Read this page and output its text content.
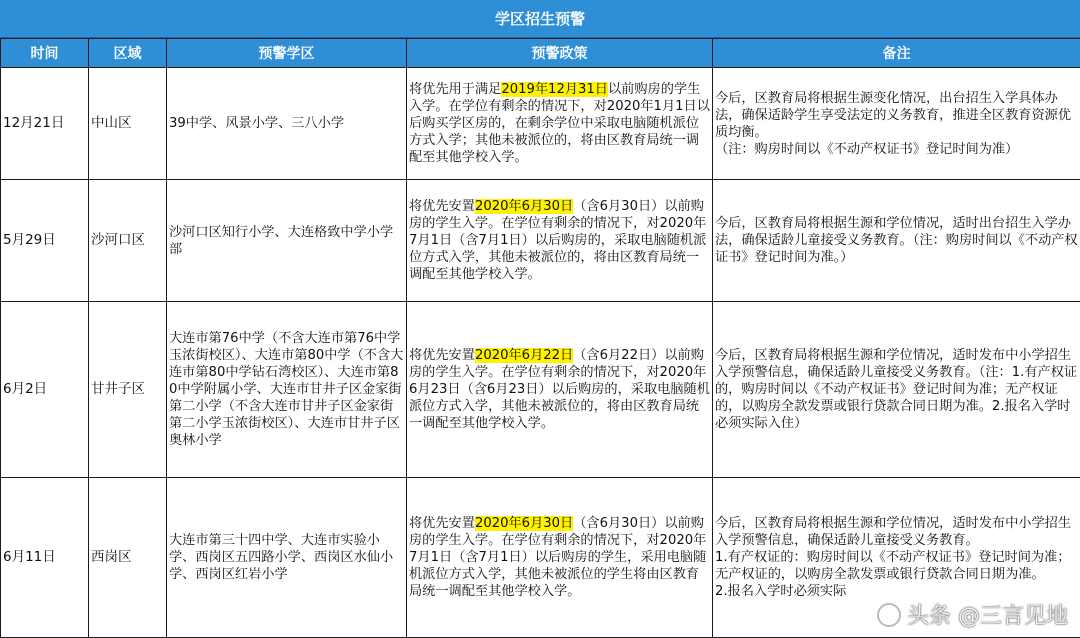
学区招生预警
时间	区域	预警学区	预警政策	备注
12月21日	中山区	39中学、风景小学、三八小学	将优先用于满足2019年12月31日以前购房的学生入学。在学位有剩余的情况下，对2020年1月1日以后购买学区房的，在剩余学位中采取电脑随机派位方式入学；其他未被派位的，将由区教育局统一调配至其他学校入学。	今后，区教育局将根据生源变化情况，出台招生入学具体办法，确保适龄学生享受法定的义务教育，推进全区教育资源优质均衡。
（注：购房时间以《不动产权证书》登记时间为准）
5月29日	沙河口区	沙河口区知行小学、大连格致中学小学部	将优先安置2020年6月30日（含6月30日）以前购房的学生入学。在学位有剩余的情况下，对2020年7月1日（含7月1日）以后购房的，采取电脑随机派位方式入学，其他未被派位的，将由区教育局统一调配至其他学校入学。	今后，区教育局将根据生源和学位情况，适时出台招生入学办法，确保适龄儿童接受义务教育。（注：购房时间以《不动产权证书》登记时间为准。）
6月2日	甘井子区	大连市第76中学（不含大连市第76中学玉浓街校区）、大连市第80中学（不含大连市第80中学钻石湾校区）、大连市第80中学附属小学、大连市甘井子区金家街第二小学（不含大连市甘井子区金家街第二小学玉浓街校区）、大连市甘井子区奥林小学	将优先安置2020年6月22日（含6月22日）以前购房的学生入学。在学位有剩余的情况下，对2020年6月23日（含6月23日）以后购房的，采取电脑随机派位方式入学，其他未被派位的，将由区教育局统一调配至其他学校入学。	今后，区教育局将根据生源和学位情况，适时发布中小学招生入学预警信息，确保适龄儿童接受义务教育。（注：1.有产权证的，购房时间以《不动产权证书》登记时间为准；无产权证的，以购房全款发票或银行贷款合同日期为准。2.报名入学时必须实际入住）
6月11日	西岗区	大连市第三十四中学、大连市实验小学、西岗区五四路小学、西岗区水仙小学、西岗区红岩小学	将优先安置2020年6月30日（含6月30日）以前购房的学生入学。在学位有剩余的情况下，对2020年7月1日（含7月1日）以后购房的学生，采用电脑随机派位方式入学，其他未被派位的学生将由区教育局统一调配至其他学校入学。	今后，区教育局将根据生源和学位情况，适时发布中小学招生入学预警信息，确保适龄儿童接受义务教育。
1.有产权证的：购房时间以《不动产权证书》登记时间为准；无产权证的，以购房全款发票或银行贷款合同日期为准。
2.报名入学时必须实际
头条 @三言见地
